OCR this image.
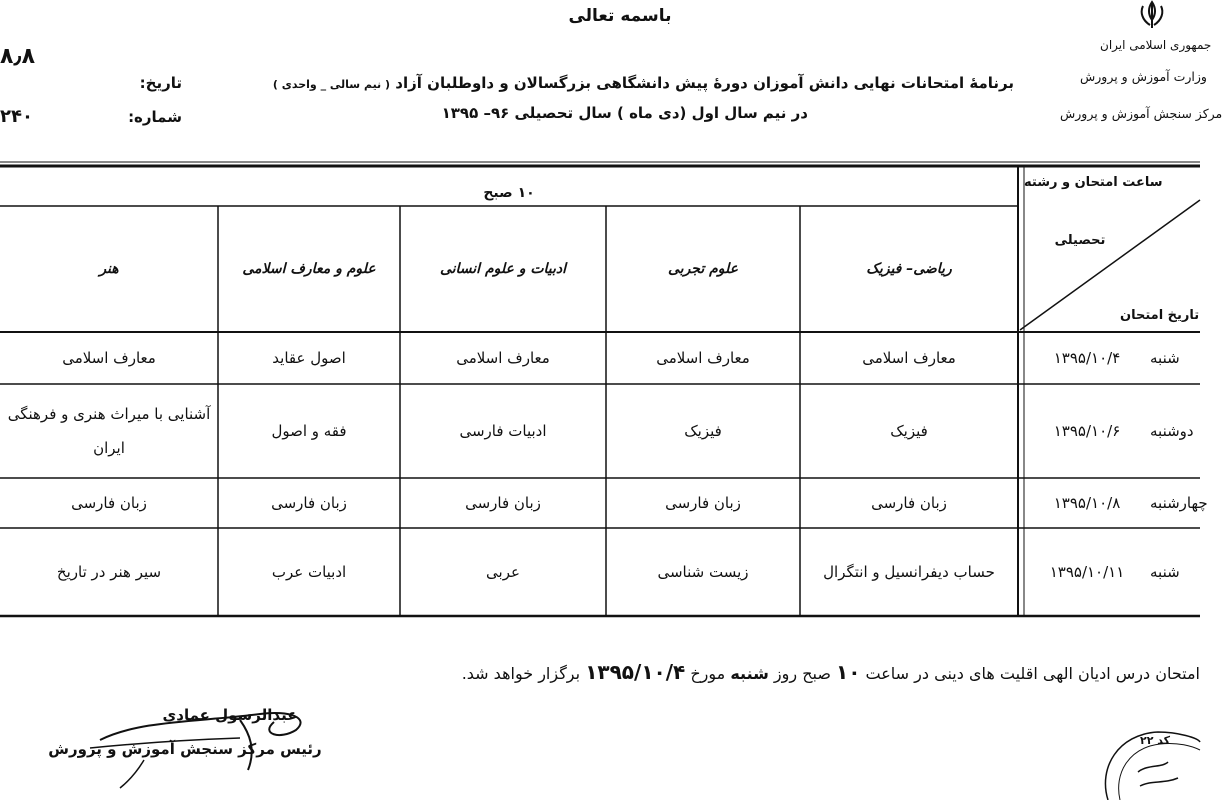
باسمه تعالی
جمهوری اسلامی ایران
وزارت آموزش و پرورش
مرکز سنجش آموزش و پرورش
برنامهٔ امتحانات نهایی دانش آموزان دورهٔ پیش دانشگاهی بزرگسالان و داوطلبان آزاد ( نیم سالی _ واحدی )
در نیم سال اول (دی ماه ) سال تحصیلی ۹۶– ۱۳۹۵
تاریخ:
شماره:
۸٫۸
۲۴۰
۱۰ صبح
ساعت امتحان و رشته
تحصیلی
تاریخ امتحان
ریاضی– فیزیک
علوم تجربی
ادبیات و علوم انسانی
علوم و معارف اسلامی
هنر
شنبه
۱۳۹۵/۱۰/۴
معارف اسلامی
معارف اسلامی
معارف اسلامی
اصول عقاید
معارف اسلامی
دوشنبه
۱۳۹۵/۱۰/۶
فیزیک
فیزیک
ادبیات فارسی
فقه و اصول
آشنایی با میراث هنری و فرهنگی ایران
چهارشنبه
۱۳۹۵/۱۰/۸
زبان فارسی
زبان فارسی
زبان فارسی
زبان فارسی
زبان فارسی
شنبه
۱۳۹۵/۱۰/۱۱
حساب دیفرانسیل و انتگرال
زیست شناسی
عربی
ادبیات عرب
سیر هنر در تاریخ
امتحان درس ادیان الهی اقلیت های دینی در ساعت ۱۰ صبح روز شنبه مورخ ۱۳۹۵/۱۰/۴ برگزار خواهد شد.
عبدالرسول عمادی
رئیس مرکز سنجش آموزش و پرورش	کد ۲۲
